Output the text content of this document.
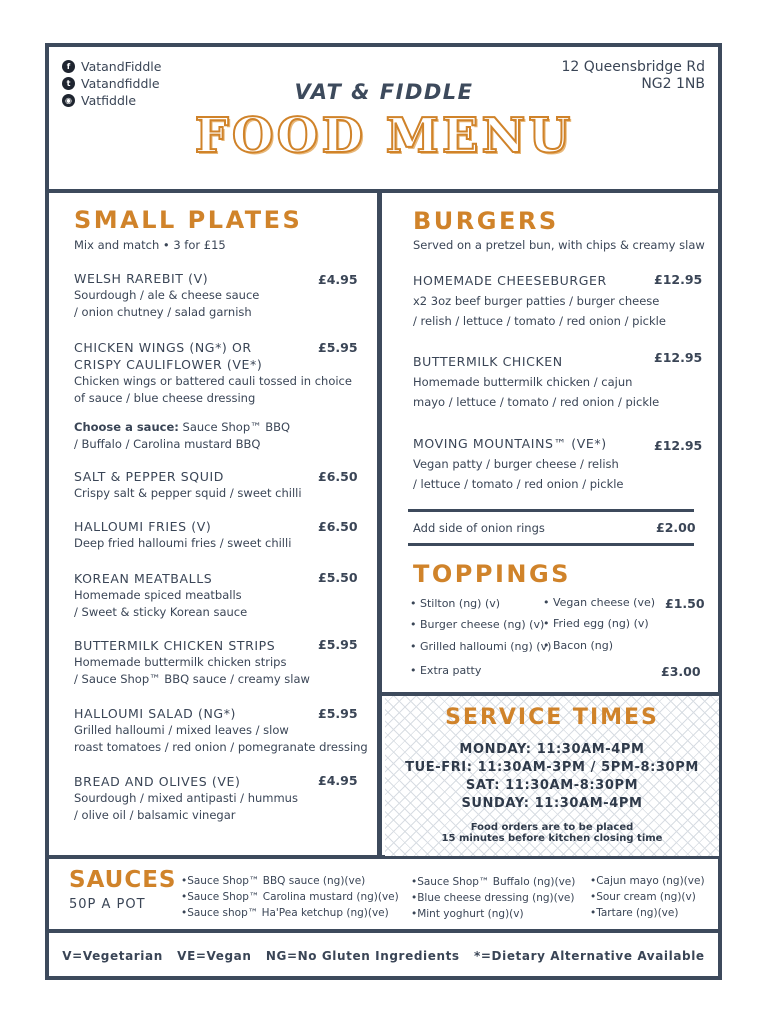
f VatandFiddle
t Vatandfiddle
◉ Vatfiddle
12 Queensbridge Rd
NG2 1NB
VAT & FIDDLE
FOOD MENU
SMALL PLATES
Mix and match • 3 for £15
WELSH RAREBIT (V)
Sourdough / ale & cheese sauce
/ onion chutney / salad garnish
£4.95
CHICKEN WINGS (NG*) OR
CRISPY CAULIFLOWER (VE*)
Chicken wings or battered cauli tossed in choice
of sauce / blue cheese dressing
£5.95
Choose a sauce: Sauce Shop™ BBQ
/ Buffalo / Carolina mustard BBQ
SALT & PEPPER SQUID
Crispy salt & pepper squid / sweet chilli
£6.50
HALLOUMI FRIES (V)
Deep fried halloumi fries / sweet chilli
£6.50
KOREAN MEATBALLS
Homemade spiced meatballs
/ Sweet & sticky Korean sauce
£5.50
BUTTERMILK CHICKEN STRIPS
Homemade buttermilk chicken strips
/ Sauce Shop™ BBQ sauce / creamy slaw
£5.95
HALLOUMI SALAD (NG*)
Grilled halloumi / mixed leaves / slow
roast tomatoes / red onion / pomegranate dressing
£5.95
BREAD AND OLIVES (VE)
Sourdough / mixed antipasti / hummus
/ olive oil / balsamic vinegar
£4.95
BURGERS
Served on a pretzel bun, with chips & creamy slaw
HOMEMADE CHEESEBURGER
x2 3oz beef burger patties / burger cheese
/ relish / lettuce / tomato / red onion / pickle
£12.95
BUTTERMILK CHICKEN
Homemade buttermilk chicken / cajun
mayo / lettuce / tomato / red onion / pickle
£12.95
MOVING MOUNTAINS™ (VE*)
Vegan patty / burger cheese / relish
/ lettuce / tomato / red onion / pickle
£12.95
Add side of onion rings	£2.00
TOPPINGS
• Stilton (ng) (v)
• Burger cheese (ng) (v)
• Grilled halloumi (ng) (v)
• Vegan cheese (ve)
• Fried egg (ng) (v)
• Bacon (ng)
£1.50
• Extra patty	£3.00
SERVICE TIMES
MONDAY: 11:30AM-4PM
TUE-FRI: 11:30AM-3PM / 5PM-8:30PM
SAT: 11:30AM-8:30PM
SUNDAY: 11:30AM-4PM
Food orders are to be placed
15 minutes before kitchen closing time
SAUCES
50P A POT
•Sauce Shop™ BBQ sauce (ng)(ve)
•Sauce Shop™ Carolina mustard (ng)(ve)
•Sauce shop™ Ha'Pea ketchup (ng)(ve)
•Sauce Shop™ Buffalo (ng)(ve)
•Blue cheese dressing (ng)(ve)
•Mint yoghurt (ng)(v)
•Cajun mayo (ng)(ve)
•Sour cream (ng)(v)
•Tartare (ng)(ve)
V=Vegetarian   VE=Vegan   NG=No Gluten Ingredients   *=Dietary Alternative Available
